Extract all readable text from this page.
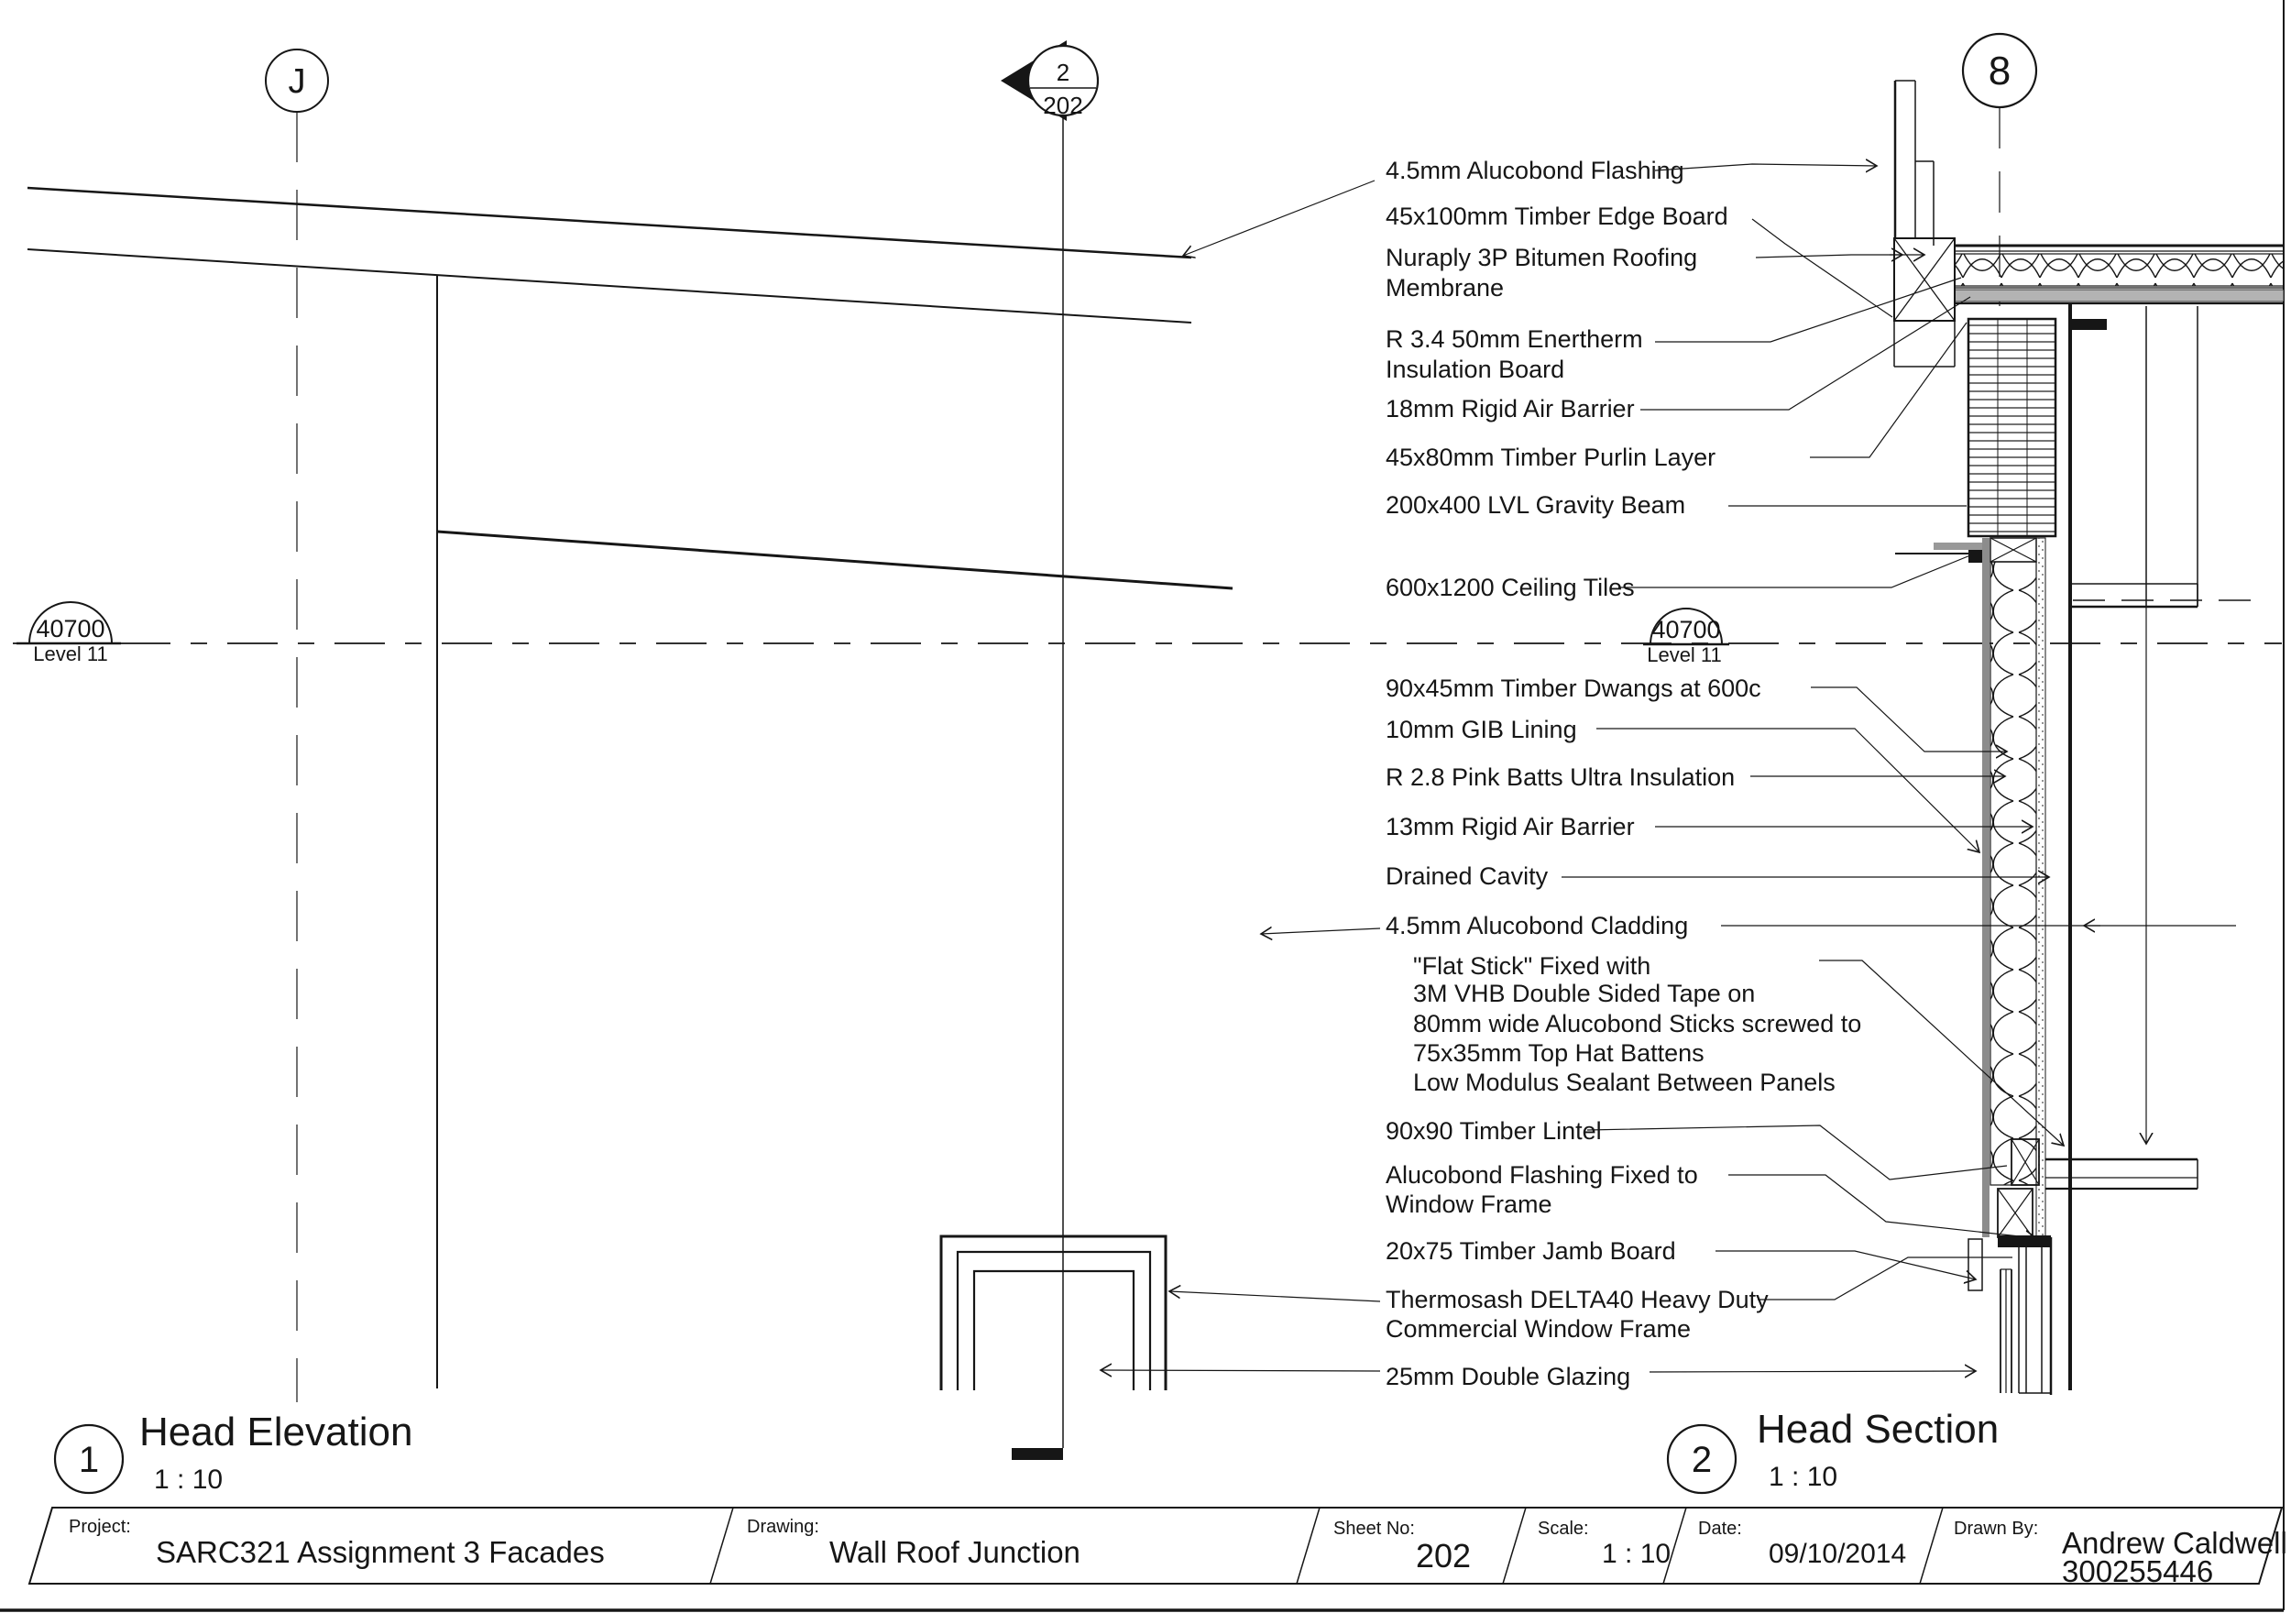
J	8
2
202
40700
Level 11
40700
Level 11
4.5mm Alucobond Flashing
45x100mm Timber Edge Board
Nuraply 3P Bitumen Roofing
Membrane
R 3.4 50mm Enertherm
Insulation Board
18mm Rigid Air Barrier
45x80mm Timber Purlin Layer
200x400 LVL Gravity Beam
600x1200 Ceiling Tiles
90x45mm Timber Dwangs at 600c
10mm GIB Lining
R 2.8 Pink Batts Ultra Insulation
13mm Rigid Air Barrier
Drained Cavity
4.5mm Alucobond Cladding
"Flat Stick" Fixed with
3M VHB Double Sided Tape on
80mm wide Alucobond Sticks screwed to
75x35mm Top Hat Battens
Low Modulus Sealant Between Panels
90x90 Timber Lintel
Alucobond Flashing Fixed to
Window Frame
20x75 Timber Jamb Board
Thermosash DELTA40 Heavy Duty
Commercial Window Frame
25mm Double Glazing
1
Head Elevation
1 : 10	2
Head Section
1 : 10
Project:
SARC321 Assignment 3 Facades
Drawing:
Wall Roof Junction
Sheet No:
202
Scale:
1 : 10
Date:
09/10/2014
Drawn By: Andrew Caldwell
300255446
